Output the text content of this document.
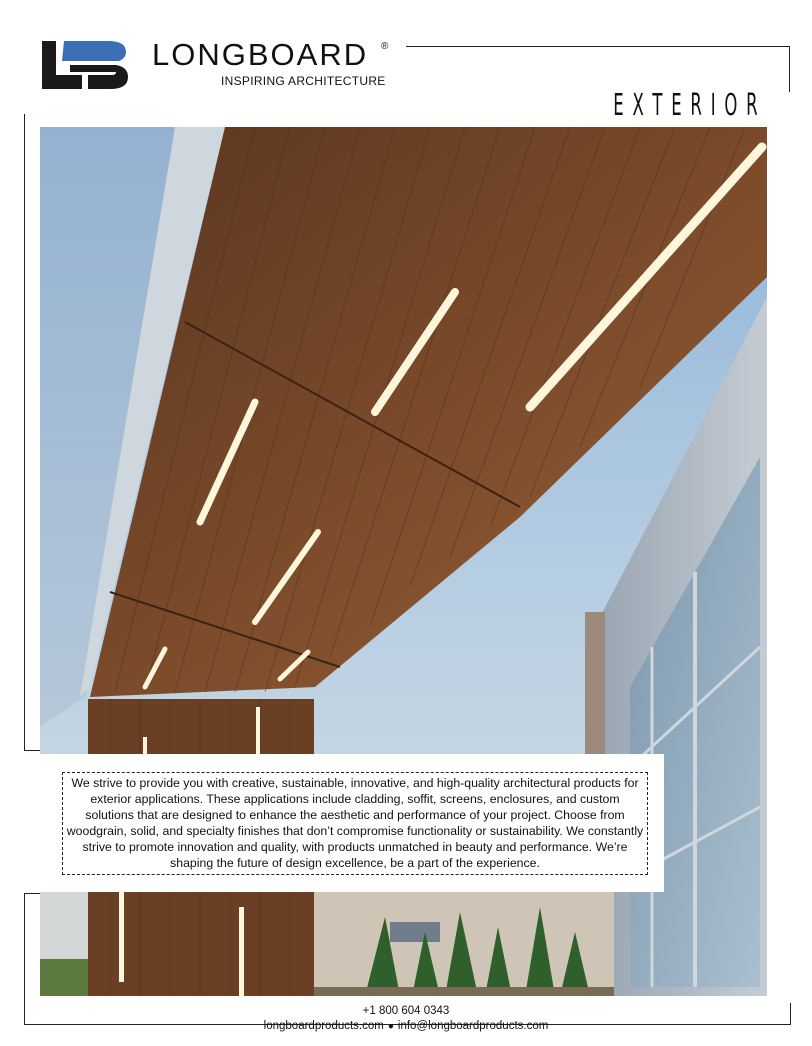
LONGBOARD ®
INSPIRING ARCHITECTURE
EXTERIOR
We strive to provide you with creative, sustainable, innovative, and high-quality architectural products for exterior applications. These applications include cladding, soffit, screens, enclosures, and custom solutions that are designed to enhance the aesthetic and performance of your project. Choose from woodgrain, solid, and specialty finishes that don’t compromise functionality or sustainability. We constantly strive to promote innovation and quality, with products unmatched in beauty and performance. We’re shaping the future of design excellence, be a part of the experience.
+1 800 604 0343
longboardproducts.com ● info@longboardproducts.com
